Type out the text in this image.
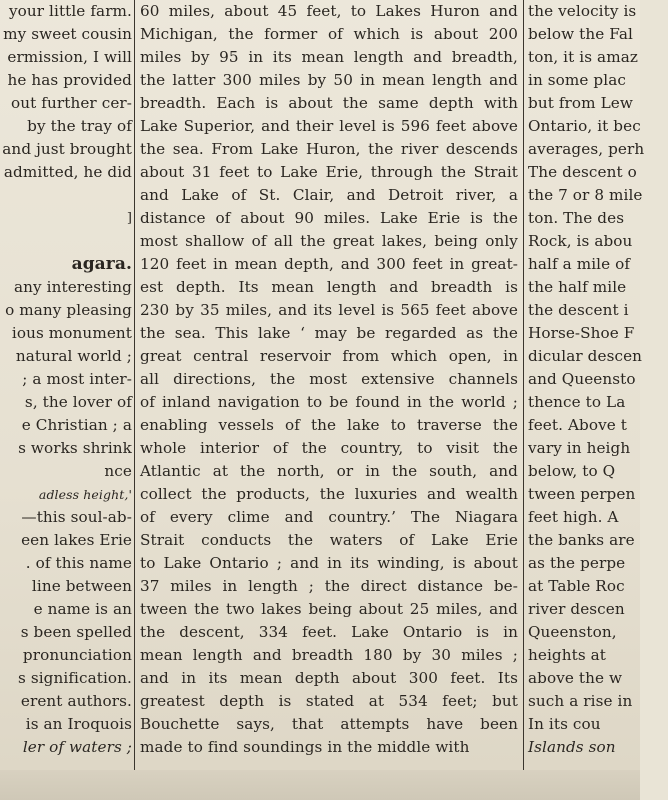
your little farm.
my sweet cousin
ermission, I will
he has provided
out further cer-
by the tray of
and just brought
admitted, he did

]

agara.
any interesting
o many pleasing
ious monument
natural world ;
; a most inter-
s, the lover of
e Christian ; a
s works shrink
nce
adless height,'
—this soul-ab-
een lakes Erie
. of this name
line between
e name is an
s been spelled
pronunciation
s signification.
erent authors.
is an Iroquois
ler of waters ;
60 miles, about 45 feet, to Lakes Huron and
Michigan, the former of which is about 200
miles by 95 in its mean length and breadth,
the latter 300 miles by 50 in mean length and
breadth. Each is about the same depth with
Lake Superior, and their level is 596 feet above
the sea. From Lake Huron, the river descends
about 31 feet to Lake Erie, through the Strait
and Lake of St. Clair, and Detroit river, a
distance of about 90 miles. Lake Erie is the
most shallow of all the great lakes, being only
120 feet in mean depth, and 300 feet in great-
est depth. Its mean length and breadth is
230 by 35 miles, and its level is 565 feet above
the sea. This lake ‘ may be regarded as the
great central reservoir from which open, in
all directions, the most extensive channels
of inland navigation to be found in the world ;
enabling vessels of the lake to traverse the
whole interior of the country, to visit the
Atlantic at the north, or in the south, and
collect the products, the luxuries and wealth
of every clime and country.’ The Niagara
Strait conducts the waters of Lake Erie
to Lake Ontario ; and in its winding, is about
37 miles in length ; the direct distance be-
tween the two lakes being about 25 miles, and
the descent, 334 feet. Lake Ontario is in
mean length and breadth 180 by 30 miles ;
and in its mean depth about 300 feet. Its
greatest depth is stated at 534 feet; but
Bouchette says, that attempts have been
made to find soundings in the middle with
the velocity is
below the Fal
ton, it is amaz
in some plac
but from Lew
Ontario, it bec
averages, perh
The descent o
the 7 or 8 mile
ton. The des
Rock, is abou
half a mile of
the half mile
the descent i
Horse-Shoe F
dicular descen
and Queensto
thence to La
feet. Above t
vary in heigh
below, to Q
tween perpen
feet high. A
the banks are
as the perpe
at Table Roc
river descen
Queenston,
heights at
above the w
such a rise in
In its cou
Islands son
